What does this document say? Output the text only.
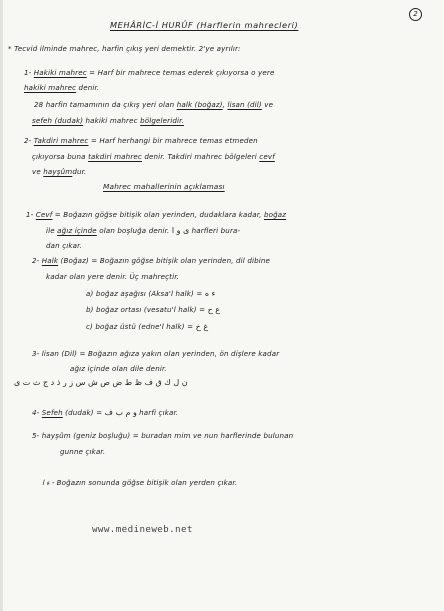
2
MEHÂRİC-İ HURÛF (Harflerin mahrecleri)
* Tecvid ilminde mahrec, harfin çıkış yeri demektir. 2'ye ayrılır:
1- Hakiki mahrec = Harf bir mahrece temas ederek çıkıyorsa o yere
hakiki mahrec denir.
28 harfin tamamının da çıkış yeri olan halk (boğaz), lisan (dil) ve
sefeh (dudak) hakiki mahrec bölgeleridir.
2- Takdiri mahrec = Harf herhangi bir mahrece temas etmeden
çıkıyorsa buna takdiri mahrec denir. Takdiri mahrec bölgeleri cevf
ve hayşûmdur.
Mahrec mahallerinin açıklaması
1- Cevf = Boğazın göğse bitişik olan yerinden, dudaklara kadar, boğaz
ile ağız içinde olan boşluğa denir. ى و ا harfleri bura-
dan çıkar.
2- Halk (Boğaz) = Boğazın göğse bitişik olan yerinden, dil dibine
kadar olan yere denir. Üç mahreçtir.
a) boğaz aşağısı (Aksa'l halk) = ء ه
b) boğaz ortası (vesatu'l halk) = ع ح
c) boğaz üstü (edne'l halk) = غ خ
3- lisan (Dil) = Boğazın ağıza yakın olan yerinden, ön dişlere kadar
ağız içinde olan dile denir.
ن ل ك ق ف ظ ط ض ص ش س ز ر ذ د ج ث ت ى
4- Sefeh (dudak) = و م ب ف harfi çıkar.
5- hayşûm (geniz boşluğu) = buradan mim ve nun harflerinde bulunan
gunne çıkar.
ء ا - Boğazın sonunda göğse bitişik olan yerden çıkar.
www.medineweb.net
